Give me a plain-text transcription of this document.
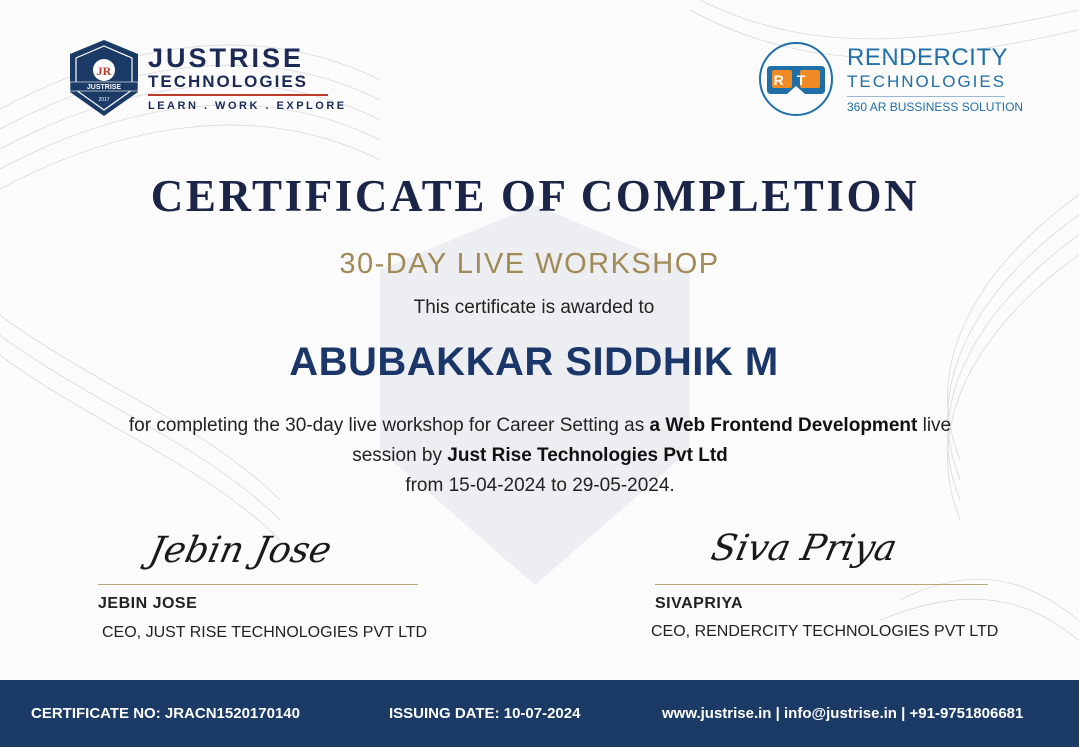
JR
JUSTRISE
2017
JUSTRISE
TECHNOLOGIES
LEARN . WORK . EXPLORE
RT
RENDERCITY
TECHNOLOGIES
360 AR BUSSINESS SOLUTION
CERTIFICATE OF COMPLETION
30-DAY LIVE WORKSHOP
This certificate is awarded to
ABUBAKKAR SIDDHIK M
for completing the 30-day live workshop for Career Setting as a Web Frontend Development live session by Just Rise Technologies Pvt Ltd
from 15-04-2024 to 29-05-2024.
Jebin Jose
JEBIN JOSE
CEO, JUST RISE TECHNOLOGIES PVT LTD
Siva Priya
SIVAPRIYA
CEO, RENDERCITY TECHNOLOGIES PVT LTD
CERTIFICATE NO: JRACN1520170140	ISSUING DATE: 10-07-2024	www.justrise.in | info@justrise.in | +91-9751806681
